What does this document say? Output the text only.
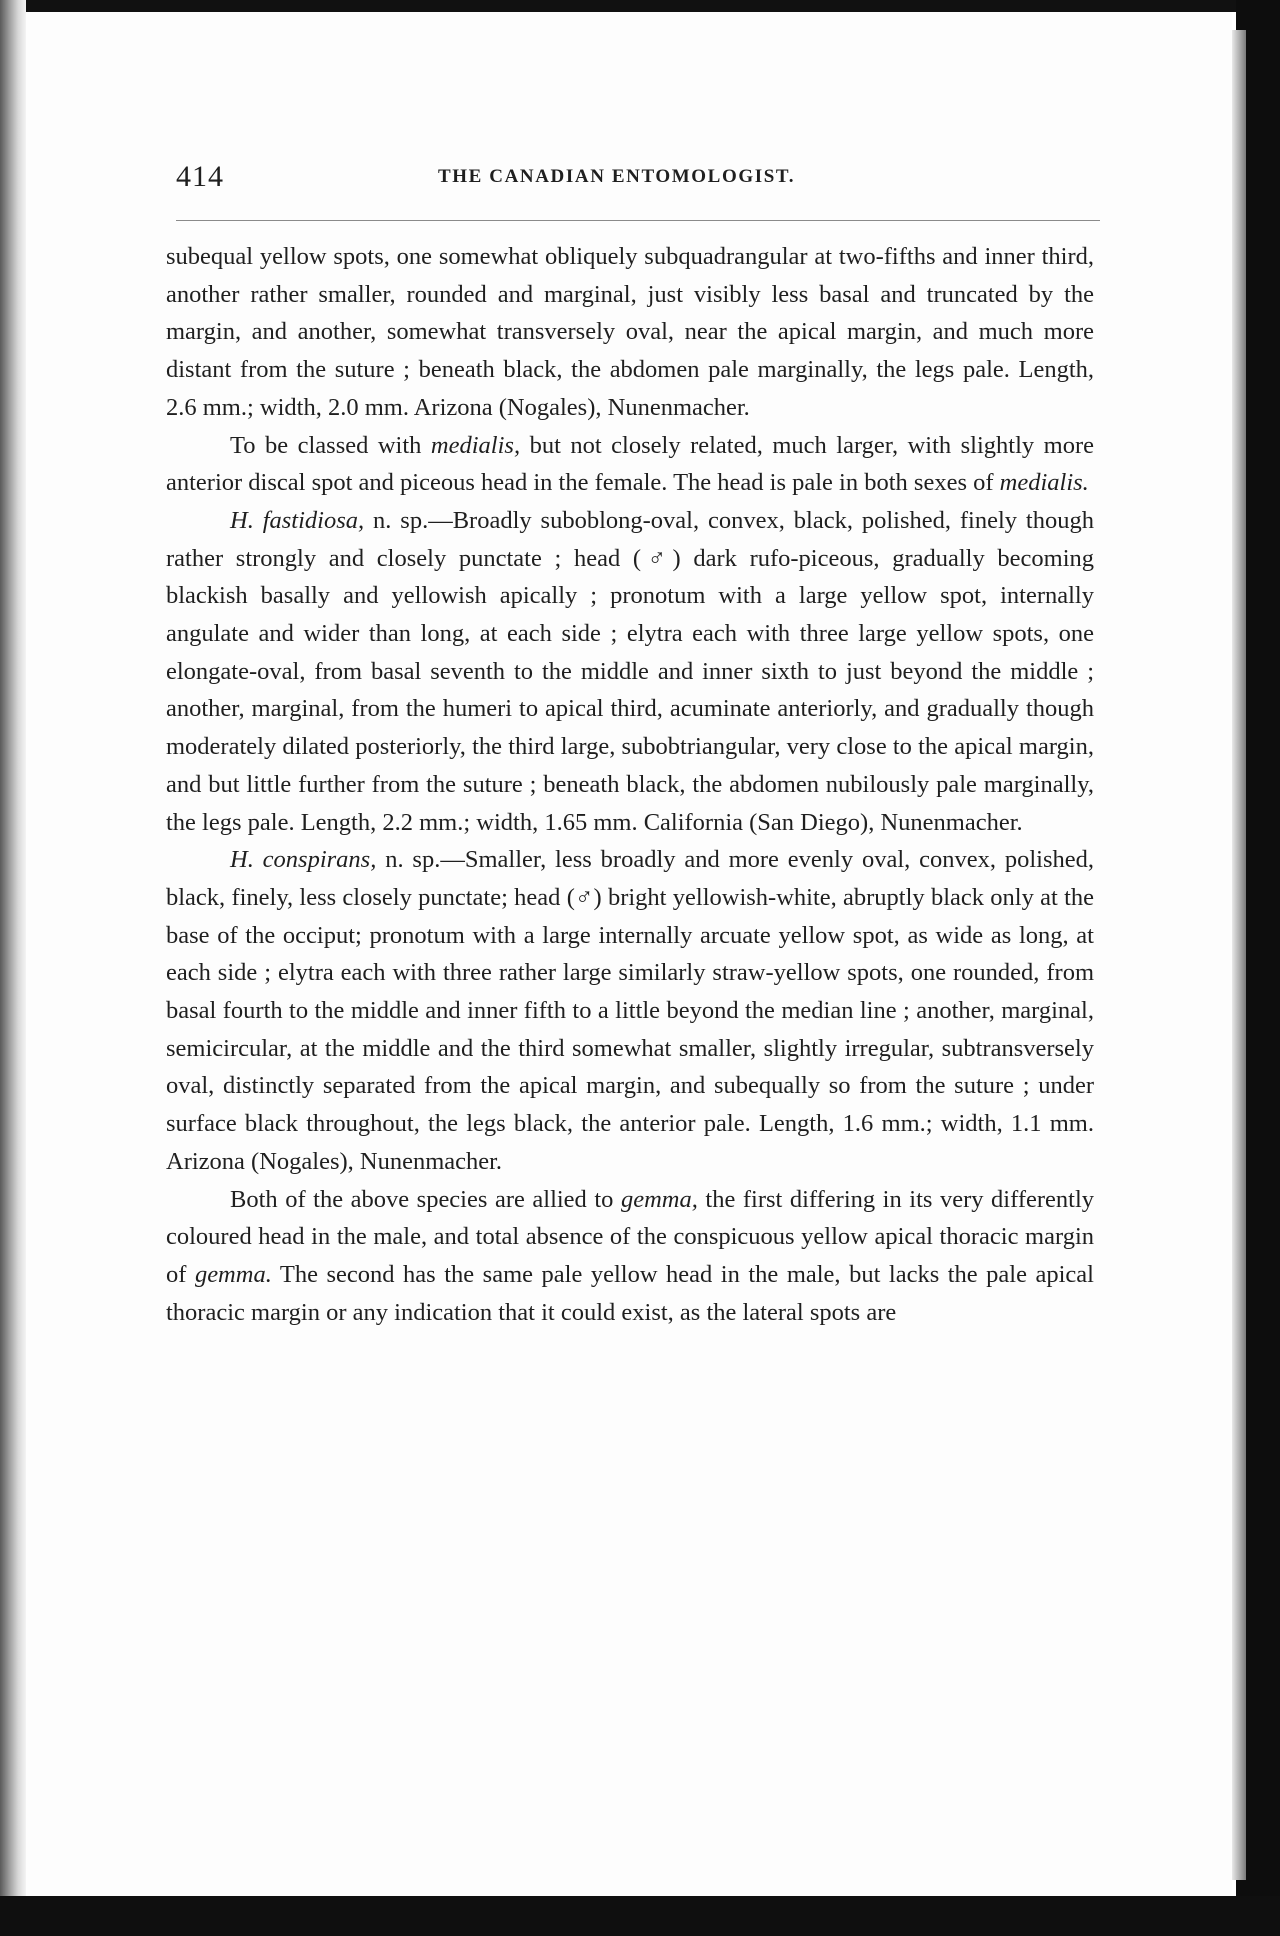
414	THE CANADIAN ENTOMOLOGIST.

subequal yellow spots, one somewhat obliquely subquadrangular at two-fifths and inner third, another rather smaller, rounded and marginal, just visibly less basal and truncated by the margin, and another, somewhat transversely oval, near the apical margin, and much more distant from the suture ; beneath black, the abdomen pale marginally, the legs pale. Length, 2.6 mm.; width, 2.0 mm. Arizona (Nogales), Nunenmacher.

To be classed with medialis, but not closely related, much larger, with slightly more anterior discal spot and piceous head in the female. The head is pale in both sexes of medialis.

H. fastidiosa, n. sp.—Broadly suboblong-oval, convex, black, polished, finely though rather strongly and closely punctate ; head (♂) dark rufo-piceous, gradually becoming blackish basally and yellowish apically ; pronotum with a large yellow spot, internally angulate and wider than long, at each side ; elytra each with three large yellow spots, one elongate-oval, from basal seventh to the middle and inner sixth to just beyond the middle ; another, marginal, from the humeri to apical third, acuminate anteriorly, and gradually though moderately dilated posteriorly, the third large, subobtriangular, very close to the apical margin, and but little further from the suture ; beneath black, the abdomen nubilously pale marginally, the legs pale. Length, 2.2 mm.; width, 1.65 mm. California (San Diego), Nunenmacher.

H. conspirans, n. sp.—Smaller, less broadly and more evenly oval, convex, polished, black, finely, less closely punctate; head (♂) bright yellowish-white, abruptly black only at the base of the occiput; pronotum with a large internally arcuate yellow spot, as wide as long, at each side ; elytra each with three rather large similarly straw-yellow spots, one rounded, from basal fourth to the middle and inner fifth to a little beyond the median line ; another, marginal, semicircular, at the middle and the third somewhat smaller, slightly irregular, subtransversely oval, distinctly separated from the apical margin, and subequally so from the suture ; under surface black throughout, the legs black, the anterior pale. Length, 1.6 mm.; width, 1.1 mm. Arizona (Nogales), Nunenmacher.

Both of the above species are allied to gemma, the first differing in its very differently coloured head in the male, and total absence of the conspicuous yellow apical thoracic margin of gemma. The second has the same pale yellow head in the male, but lacks the pale apical thoracic margin or any indication that it could exist, as the lateral spots are
